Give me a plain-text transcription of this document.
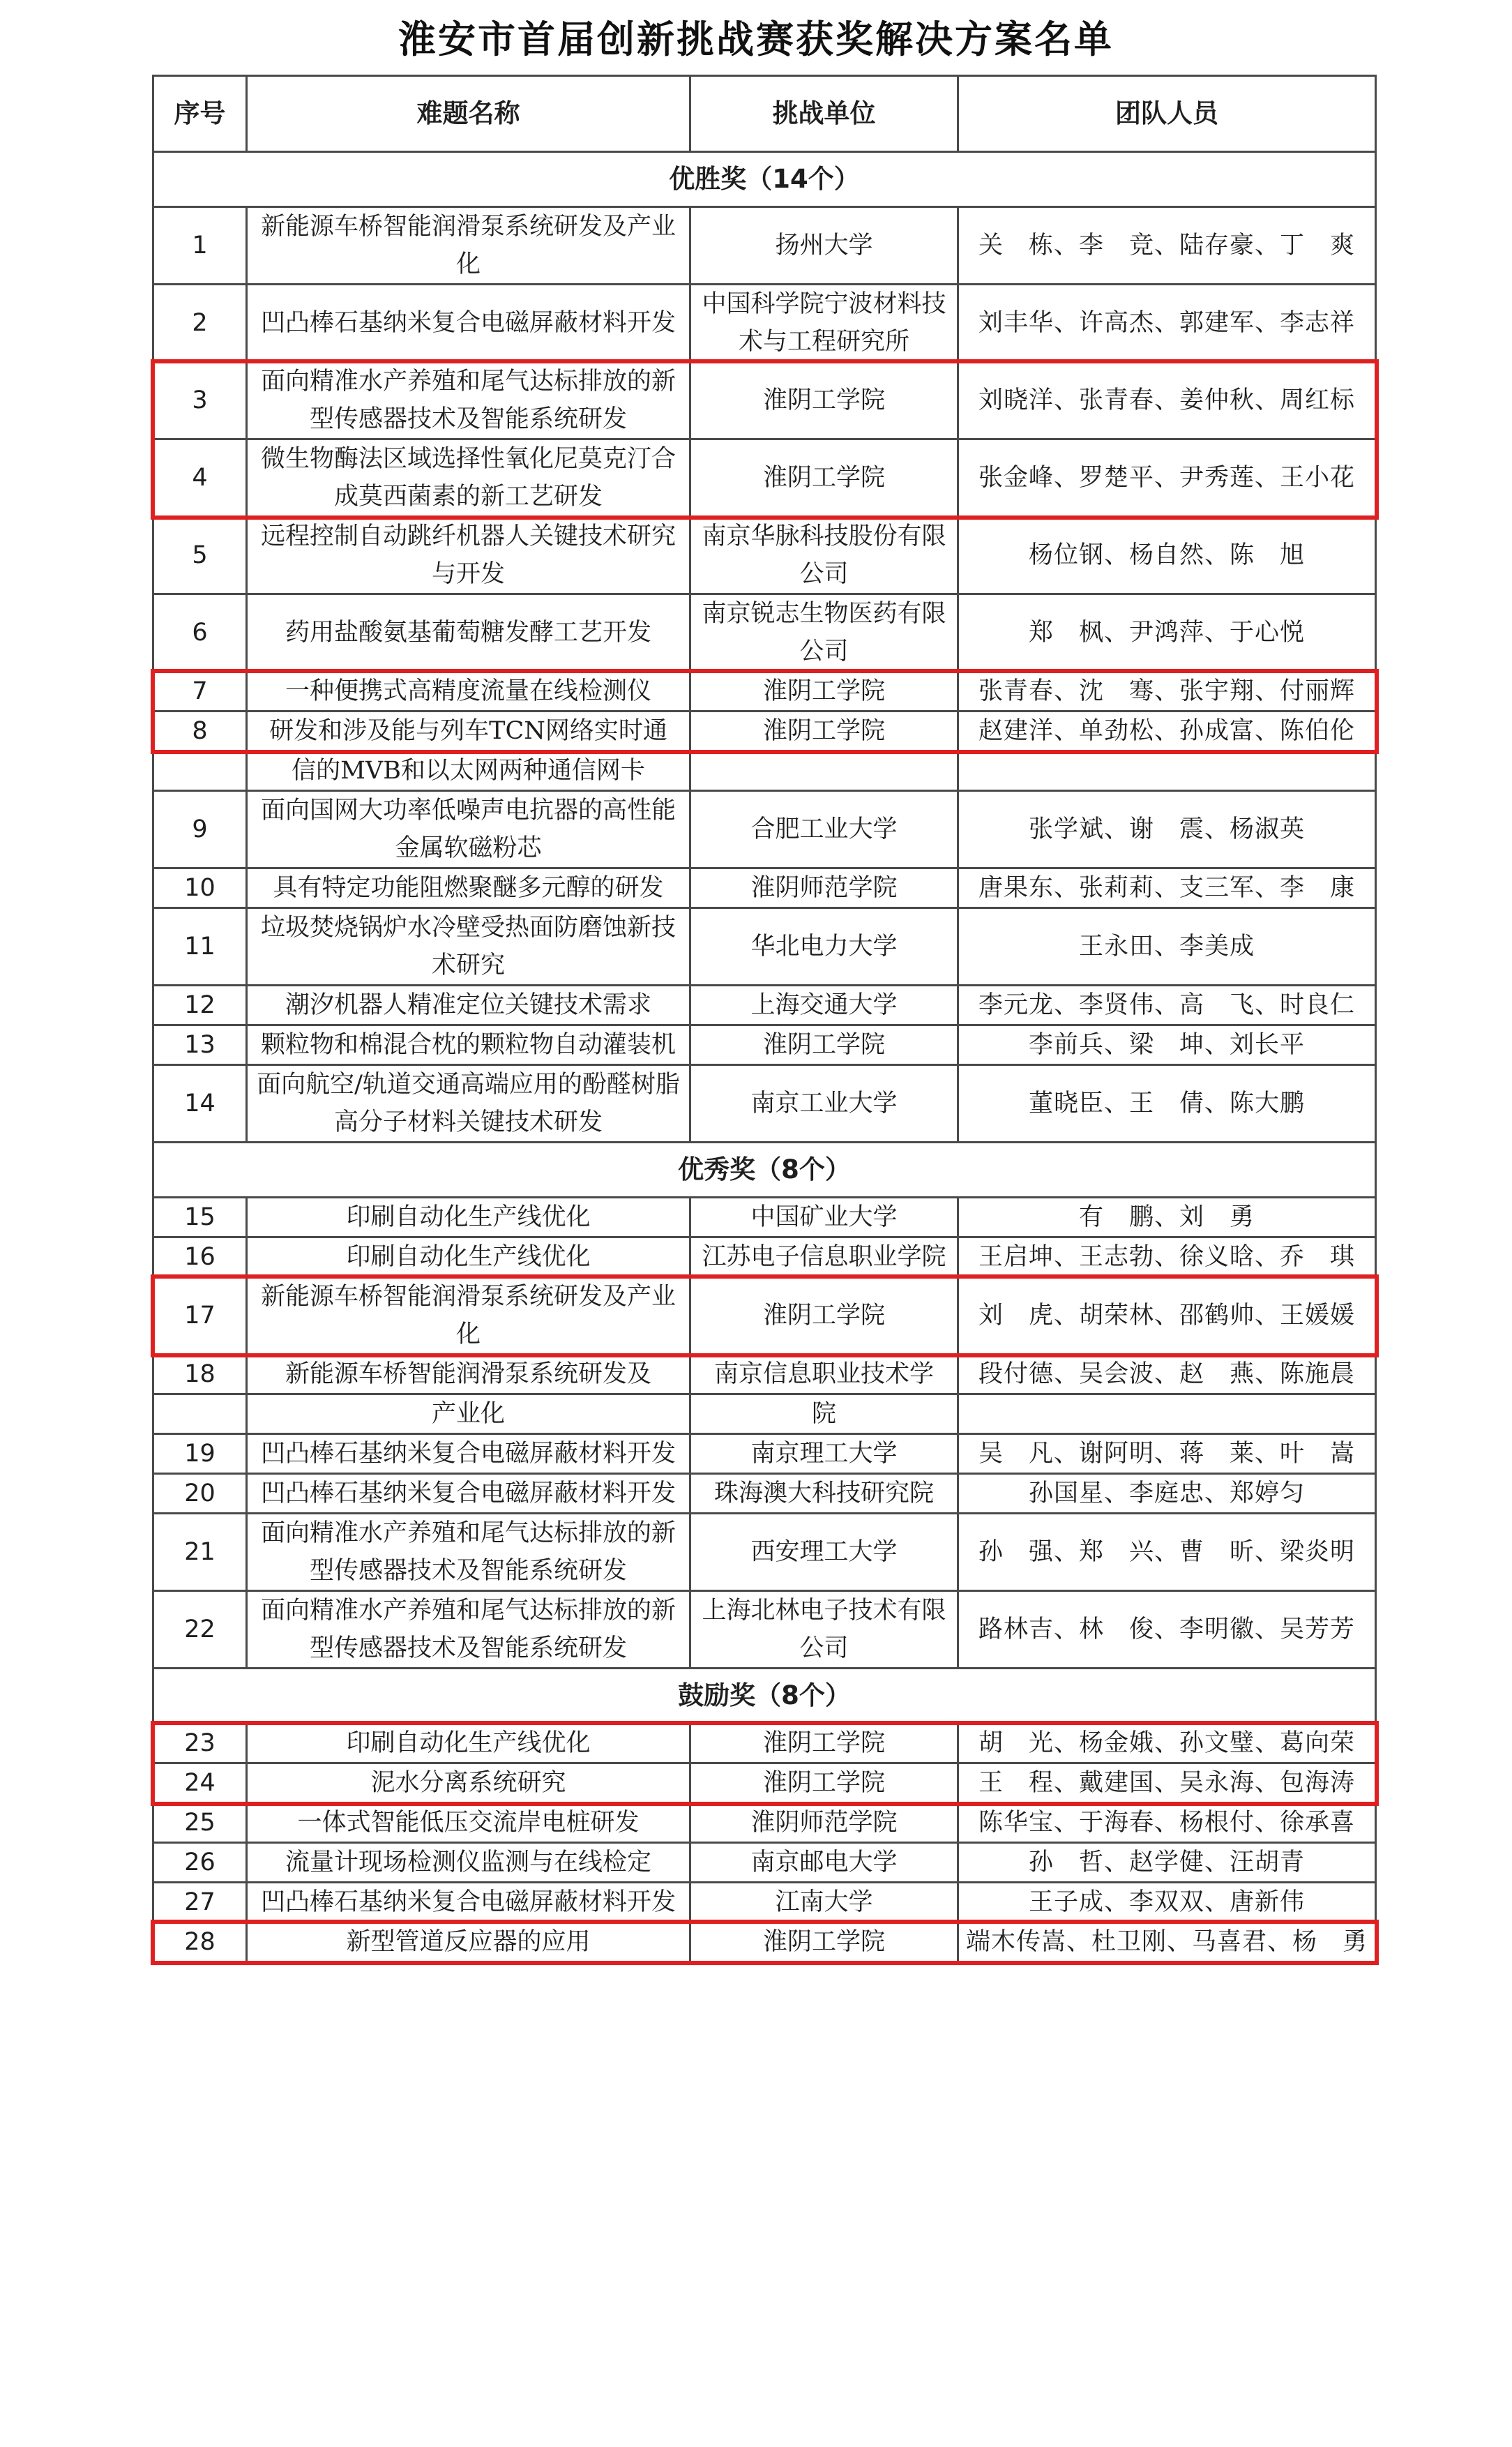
淮安市首届创新挑战赛获奖解决方案名单
序号	难题名称	挑战单位	团队人员
优胜奖（14个）			
1	新能源车桥智能润滑泵系统研发及产业化	扬州大学	关　栋、李　竞、陆存豪、丁　爽
2	凹凸棒石基纳米复合电磁屏蔽材料开发	中国科学院宁波材料技术与工程研究所	刘丰华、许高杰、郭建军、李志祥
3	面向精准水产养殖和尾气达标排放的新型传感器技术及智能系统研发	淮阴工学院	刘晓洋、张青春、姜仲秋、周红标
4	微生物酶法区域选择性氧化尼莫克汀合成莫西菌素的新工艺研发	淮阴工学院	张金峰、罗楚平、尹秀莲、王小花
5	远程控制自动跳纤机器人关键技术研究与开发	南京华脉科技股份有限公司	杨位钢、杨自然、陈　旭
6	药用盐酸氨基葡萄糖发酵工艺开发	南京锐志生物医药有限公司	郑　枫、尹鸿萍、于心悦
7	一种便携式高精度流量在线检测仪	淮阴工学院	张青春、沈　骞、张宇翔、付丽辉
8	研发和涉及能与列车TCN网络实时通	淮阴工学院	赵建洋、单劲松、孙成富、陈伯伦
	信的MVB和以太网两种通信网卡		
9	面向国网大功率低噪声电抗器的高性能金属软磁粉芯	合肥工业大学	张学斌、谢　震、杨淑英
10	具有特定功能阻燃聚醚多元醇的研发	淮阴师范学院	唐果东、张莉莉、支三军、李　康
11	垃圾焚烧锅炉水冷壁受热面防磨蚀新技术研究	华北电力大学	王永田、李美成
12	潮汐机器人精准定位关键技术需求	上海交通大学	李元龙、李贤伟、高　飞、时良仁
13	颗粒物和棉混合枕的颗粒物自动灌装机	淮阴工学院	李前兵、梁　坤、刘长平
14	面向航空/轨道交通高端应用的酚醛树脂高分子材料关键技术研发	南京工业大学	董晓臣、王　倩、陈大鹏
优秀奖（8个）			
15	印刷自动化生产线优化	中国矿业大学	有　鹏、刘　勇
16	印刷自动化生产线优化	江苏电子信息职业学院	王启坤、王志勃、徐义晗、乔　琪
17	新能源车桥智能润滑泵系统研发及产业化	淮阴工学院	刘　虎、胡荣林、邵鹤帅、王媛媛
18	新能源车桥智能润滑泵系统研发及	南京信息职业技术学	段付德、吴会波、赵　燕、陈施晨
	产业化	院	
19	凹凸棒石基纳米复合电磁屏蔽材料开发	南京理工大学	吴　凡、谢阿明、蒋　莱、叶　嵩
20	凹凸棒石基纳米复合电磁屏蔽材料开发	珠海澳大科技研究院	孙国星、李庭忠、郑婷匀
21	面向精准水产养殖和尾气达标排放的新型传感器技术及智能系统研发	西安理工大学	孙　强、郑　兴、曹　昕、梁炎明
22	面向精准水产养殖和尾气达标排放的新型传感器技术及智能系统研发	上海北林电子技术有限公司	路林吉、林　俊、李明徽、吴芳芳
鼓励奖（8个）			
23	印刷自动化生产线优化	淮阴工学院	胡　光、杨金娥、孙文璧、葛向荣
24	泥水分离系统研究	淮阴工学院	王　程、戴建国、吴永海、包海涛
25	一体式智能低压交流岸电桩研发	淮阴师范学院	陈华宝、于海春、杨根付、徐承喜
26	流量计现场检测仪监测与在线检定	南京邮电大学	孙　哲、赵学健、汪胡青
27	凹凸棒石基纳米复合电磁屏蔽材料开发	江南大学	王子成、李双双、唐新伟
28	新型管道反应器的应用	淮阴工学院	端木传嵩、杜卫刚、马喜君、杨　勇
